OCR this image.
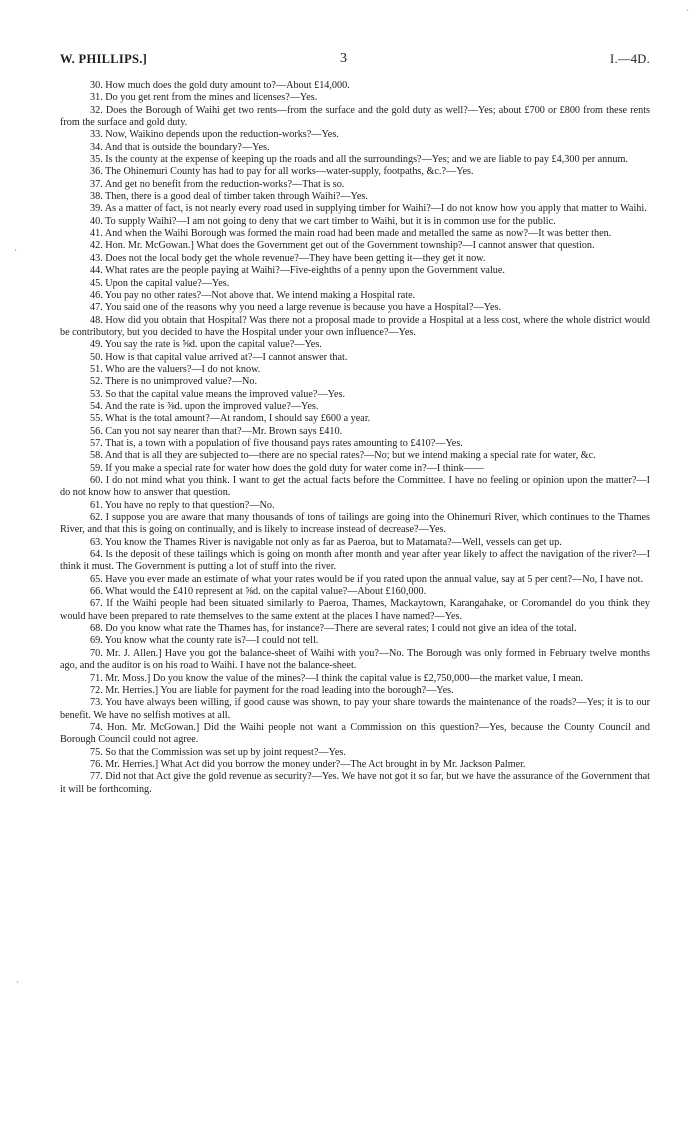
W. PHILLIPS.]	3	I.—4D.

30. How much does the gold duty amount to?—About £14,000.

31. Do you get rent from the mines and licenses?—Yes.

32. Does the Borough of Waihi get two rents—from the surface and the gold duty as well?—Yes; about £700 or £800 from these rents from the surface and gold duty.

33. Now, Waikino depends upon the reduction-works?—Yes.

34. And that is outside the boundary?—Yes.

35. Is the county at the expense of keeping up the roads and all the surroundings?—Yes; and we are liable to pay £4,300 per annum.

36. The Ohinemuri County has had to pay for all works—water-supply, footpaths, &c.?—Yes.

37. And get no benefit from the reduction-works?—That is so.

38. Then, there is a good deal of timber taken through Waihi?—Yes.

39. As a matter of fact, is not nearly every road used in supplying timber for Waihi?—I do not know how you apply that matter to Waihi.

40. To supply Waihi?—I am not going to deny that we cart timber to Waihi, but it is in common use for the public.

41. And when the Waihi Borough was formed the main road had been made and metalled the same as now?—It was better then.

42. Hon. Mr. McGowan.] What does the Government get out of the Government township?—I cannot answer that question.

43. Does not the local body get the whole revenue?—They have been getting it—they get it now.

44. What rates are the people paying at Waihi?—Five-eighths of a penny upon the Government value.

45. Upon the capital value?—Yes.

46. You pay no other rates?—Not above that. We intend making a Hospital rate.

47. You said one of the reasons why you need a large revenue is because you have a Hospital?—Yes.

48. How did you obtain that Hospital? Was there not a proposal made to provide a Hospital at a less cost, where the whole district would be contributory, but you decided to have the Hospital under your own influence?—Yes.

49. You say the rate is ⅝d. upon the capital value?—Yes.

50. How is that capital value arrived at?—I cannot answer that.

51. Who are the valuers?—I do not know.

52. There is no unimproved value?—No.

53. So that the capital value means the improved value?—Yes.

54. And the rate is ⅝d. upon the improved value?—Yes.

55. What is the total amount?—At random, I should say £600 a year.

56. Can you not say nearer than that?—Mr. Brown says £410.

57. That is, a town with a population of five thousand pays rates amounting to £410?—Yes.

58. And that is all they are subjected to—there are no special rates?—No; but we intend making a special rate for water, &c.

59. If you make a special rate for water how does the gold duty for water come in?—I think——

60. I do not mind what you think. I want to get the actual facts before the Committee. I have no feeling or opinion upon the matter?—I do not know how to answer that question.

61. You have no reply to that question?—No.

62. I suppose you are aware that many thousands of tons of tailings are going into the Ohinemuri River, which continues to the Thames River, and that this is going on continually, and is likely to increase instead of decrease?—Yes.

63. You know the Thames River is navigable not only as far as Paeroa, but to Matamata?—Well, vessels can get up.

64. Is the deposit of these tailings which is going on month after month and year after year likely to affect the navigation of the river?—I think it must. The Government is putting a lot of stuff into the river.

65. Have you ever made an estimate of what your rates would be if you rated upon the annual value, say at 5 per cent?—No, I have not.

66. What would the £410 represent at ⅝d. on the capital value?—About £160,000.

67. If the Waihi people had been situated similarly to Paeroa, Thames, Mackaytown, Karangahake, or Coromandel do you think they would have been prepared to rate themselves to the same extent at the places I have named?—Yes.

68. Do you know what rate the Thames has, for instance?—There are several rates; I could not give an idea of the total.

69. You know what the county rate is?—I could not tell.

70. Mr. J. Allen.] Have you got the balance-sheet of Waihi with you?—No. The Borough was only formed in February twelve months ago, and the auditor is on his road to Waihi. I have not the balance-sheet.

71. Mr. Moss.] Do you know the value of the mines?—I think the capital value is £2,750,000—the market value, I mean.

72. Mr. Herries.] You are liable for payment for the road leading into the borough?—Yes.

73. You have always been willing, if good cause was shown, to pay your share towards the maintenance of the roads?—Yes; it is to our benefit. We have no selfish motives at all.

74. Hon. Mr. McGowan.] Did the Waihi people not want a Commission on this question?—Yes, because the County Council and Borough Council could not agree.

75. So that the Commission was set up by joint request?—Yes.

76. Mr. Herries.] What Act did you borrow the money under?—The Act brought in by Mr. Jackson Palmer.

77. Did not that Act give the gold revenue as security?—Yes. We have not got it so far, but we have the assurance of the Government that it will be forthcoming.

`
·
ˋ
